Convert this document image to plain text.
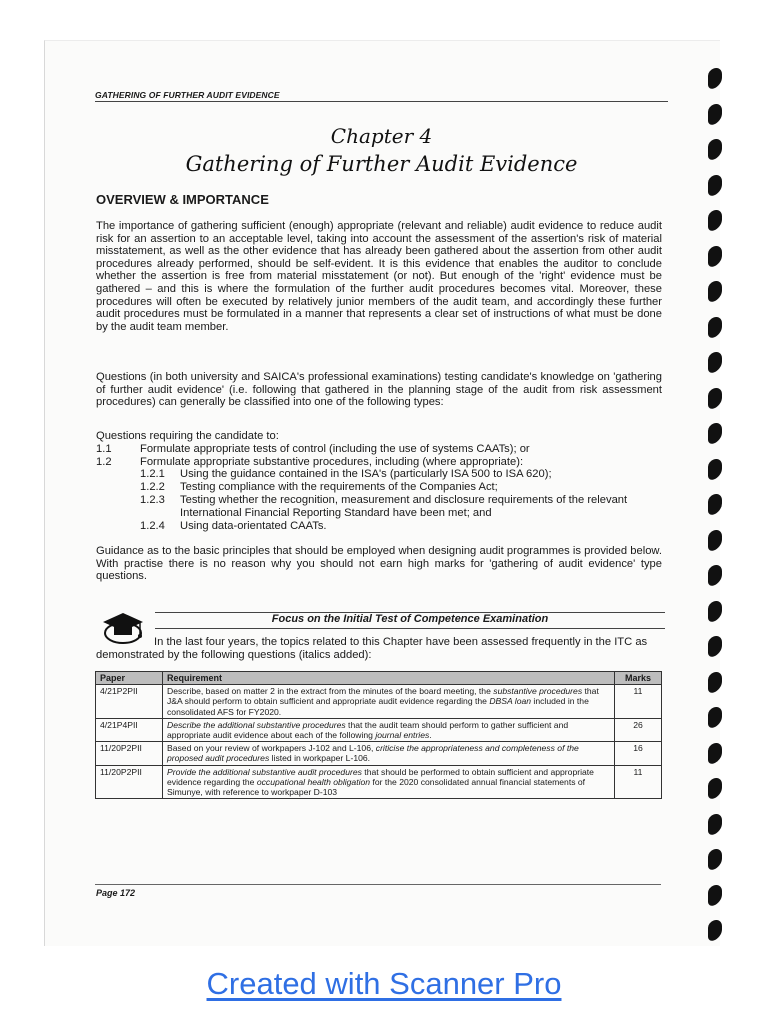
GATHERING OF FURTHER AUDIT EVIDENCE
Chapter 4
Gathering of Further Audit Evidence
OVERVIEW & IMPORTANCE
The importance of gathering sufficient (enough) appropriate (relevant and reliable) audit evidence to reduce audit risk for an assertion to an acceptable level, taking into account the assessment of the assertion's risk of material misstatement, as well as the other evidence that has already been gathered about the assertion from other audit procedures already performed, should be self-evident. It is this evidence that enables the auditor to conclude whether the assertion is free from material misstatement (or not). But enough of the 'right' evidence must be gathered – and this is where the formulation of the further audit procedures becomes vital. Moreover, these procedures will often be executed by relatively junior members of the audit team, and accordingly these further audit procedures must be formulated in a manner that represents a clear set of instructions of what must be done by the audit team member.
Questions (in both university and SAICA's professional examinations) testing candidate's knowledge on 'gathering of further audit evidence' (i.e. following that gathered in the planning stage of the audit from risk assessment procedures) can generally be classified into one of the following types:
Questions requiring the candidate to:
1.1	Formulate appropriate tests of control (including the use of systems CAATs); or
1.2	Formulate appropriate substantive procedures, including (where appropriate):
1.2.1	Using the guidance contained in the ISA's (particularly ISA 500 to ISA 620);
1.2.2	Testing compliance with the requirements of the Companies Act;
1.2.3	Testing whether the recognition, measurement and disclosure requirements of the relevant International Financial Reporting Standard have been met; and
1.2.4	Using data-orientated CAATs.
Guidance as to the basic principles that should be employed when designing audit programmes is provided below. With practise there is no reason why you should not earn high marks for 'gathering of audit evidence' type questions.
Focus on the Initial Test of Competence Examination
In the last four years, the topics related to this Chapter have been assessed frequently in the ITC as demonstrated by the following questions (italics added):
Paper	Requirement	Marks
4/21P2PII	Describe, based on matter 2 in the extract from the minutes of the board meeting, the substantive procedures that J&A should perform to obtain sufficient and appropriate audit evidence regarding the DBSA loan included in the consolidated AFS for FY2020.	11
4/21P4PII	Describe the additional substantive procedures that the audit team should perform to gather sufficient and appropriate audit evidence about each of the following journal entries.	26
11/20P2PII	Based on your review of workpapers J-102 and L-106, criticise the appropriateness and completeness of the proposed audit procedures listed in workpaper L-106.	16
11/20P2PII	Provide the additional substantive audit procedures that should be performed to obtain sufficient and appropriate evidence regarding the occupational health obligation for the 2020 consolidated annual financial statements of Simunye, with reference to workpaper D-103	11
Page 172
Created with Scanner Pro
